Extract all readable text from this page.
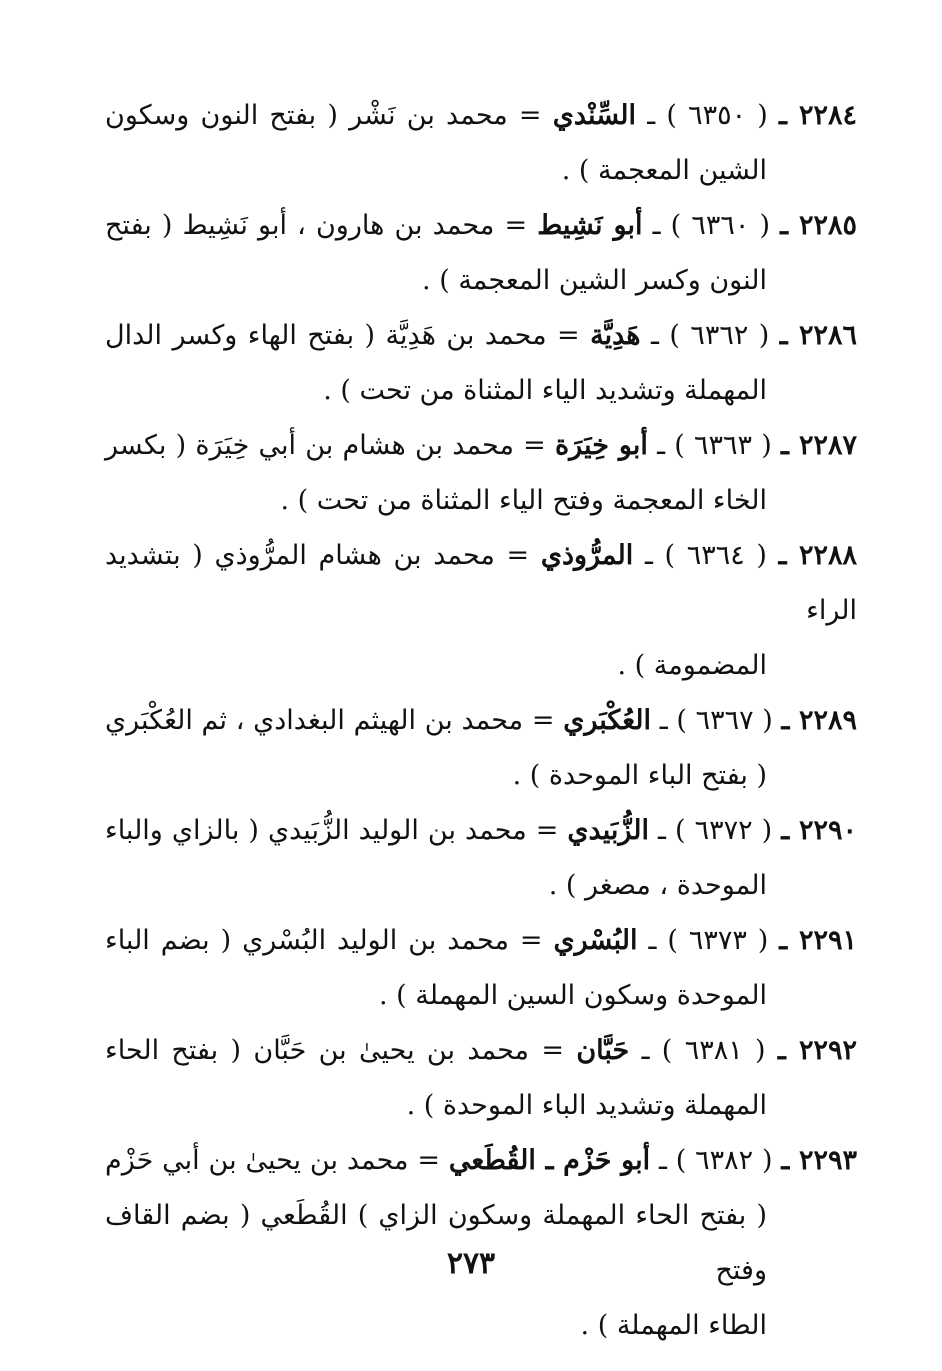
٢٢٨٤ ـ ( ٦٣٥٠ ) ـ السِّنْدي = محمد بن نَشْر ( بفتح النون وسكون
الشين المعجمة ) .
٢٢٨٥ ـ ( ٦٣٦٠ ) ـ أبو نَشِيط = محمد بن هارون ، أبو نَشِيط ( بفتح
النون وكسر الشين المعجمة ) .
٢٢٨٦ ـ ( ٦٣٦٢ ) ـ هَدِيَّة = محمد بن هَدِيَّة ( بفتح الهاء وكسر الدال
المهملة وتشديد الياء المثناة من تحت ) .
٢٢٨٧ ـ ( ٦٣٦٣ ) ـ أبو خِيَرَة = محمد بن هشام بن أبي خِيَرَة ( بكسر
الخاء المعجمة وفتح الياء المثناة من تحت ) .
٢٢٨٨ ـ ( ٦٣٦٤ ) ـ المرُّوذي = محمد بن هشام المرُّوذي ( بتشديد الراء
المضمومة ) .
٢٢٨٩ ـ ( ٦٣٦٧ ) ـ العُكْبَري = محمد بن الهيثم البغدادي ، ثم العُكْبَري
( بفتح الباء الموحدة ) .
٢٢٩٠ ـ ( ٦٣٧٢ ) ـ الزُّبَيدي = محمد بن الوليد الزُّبَيدي ( بالزاي والباء
الموحدة ، مصغر ) .
٢٢٩١ ـ ( ٦٣٧٣ ) ـ البُسْري = محمد بن الوليد البُسْري ( بضم الباء
الموحدة وسكون السين المهملة ) .
٢٢٩٢ ـ ( ٦٣٨١ ) ـ حَبَّان = محمد بن يحيىٰ بن حَبَّان ( بفتح الحاء
المهملة وتشديد الباء الموحدة ) .
٢٢٩٣ ـ ( ٦٣٨٢ ) ـ أبو حَزْم ـ القُطَعي = محمد بن يحيىٰ بن أبي حَزْم
( بفتح الحاء المهملة وسكون الزاي ) القُطَعي ( بضم القاف وفتح
الطاء المهملة ) .
٢٧٣
